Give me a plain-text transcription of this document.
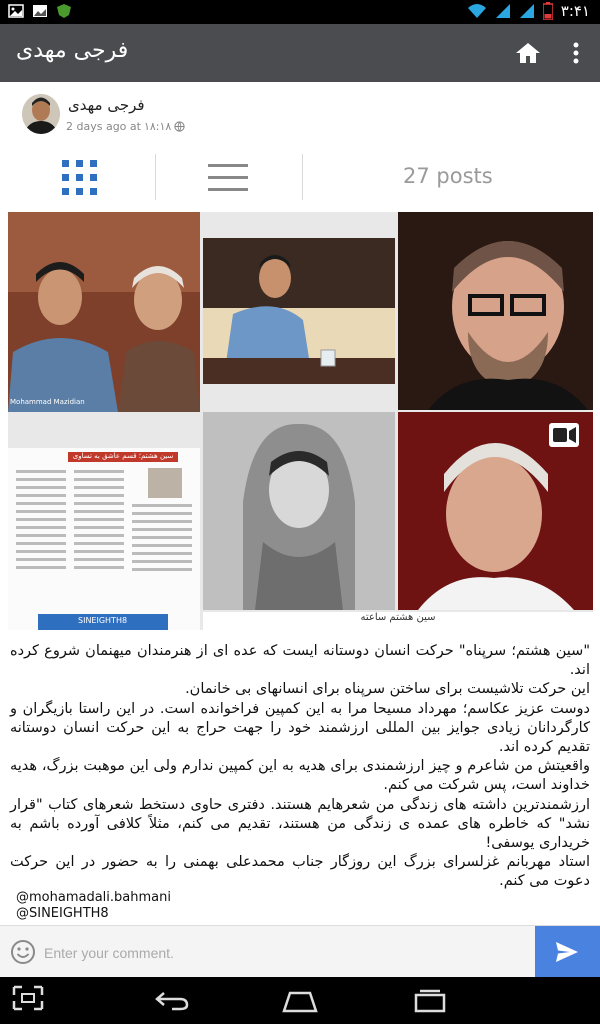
۳:۴۱
فرجی مهدی
فرجی مهدی
2 days ago at ۱۸:۱۸
27 posts
Mohammad Mazidian
سین هشتم؛ قسم عاشق به تساوی
SINEIGHTH8	سین هشتم ساعته

"سين هشتم؛ سرپناه" حركت انسان دوستانه ايست كه عده اى از هنرمندان ميهنمان شروع كرده اند.

این حرکت تلاشیست برای ساختن سرپناه برای انسانهای بی خانمان.

دوست عزیز عکاسم؛ مهرداد مسیحا مرا به این کمپین فراخوانده است. در این راستا بازیگران و کارگردانان زیادی جوایز بین المللی ارزشمند خود را جهت حراج به این حرکت انسان دوستانه تقدیم کرده اند.

واقعیتش من شاعرم و چیز ارزشمندی برای هدیه به این کمپین ندارم ولی این موهبت بزرگ، هدیه خداوند است، پس شرکت می کنم.

ارزشمندترین داشته های زندگی من شعرهایم هستند. دفتری حاوی دستخط شعرهای کتاب "قرار نشد" که خاطره های عمده ی زندگی من هستند، تقدیم می کنم، مثلاً کلافی آورده باشم به خریداری یوسفی!

استاد مهربانم غزلسرای بزرگ این روزگار جناب محمدعلی بهمنی را به حضور در این حرکت دعوت می کنم.

@mohamadali.bahmani
@SINEIGHTH8
Enter your comment.
